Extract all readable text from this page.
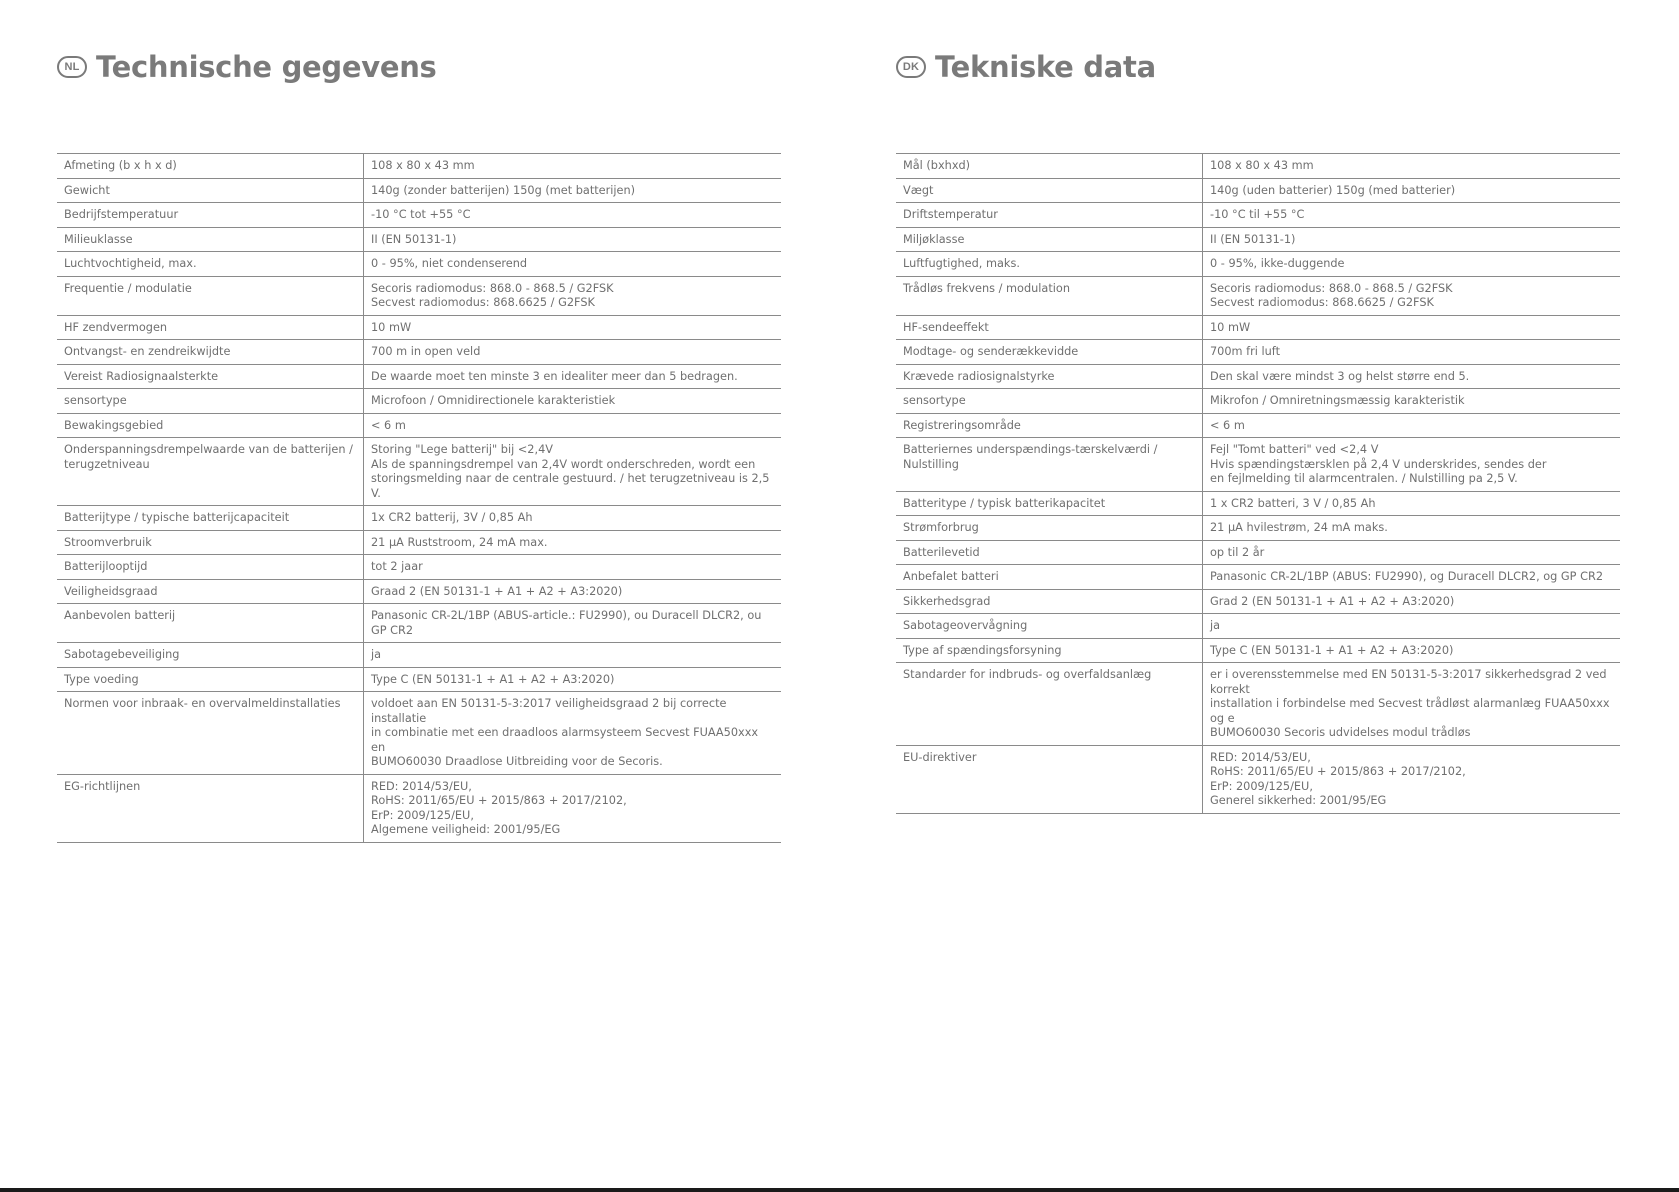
NL Technische gegevens
Afmeting (b x h x d)	108 x 80 x 43 mm
Gewicht	140g (zonder batterijen) 150g (met batterijen)
Bedrijfstemperatuur	-10 °C tot +55 °C
Milieuklasse	II (EN 50131-1)
Luchtvochtigheid, max.	0 - 95%, niet condenserend
Frequentie / modulatie	Secoris radiomodus: 868.0 - 868.5 / G2FSK
Secvest radiomodus: 868.6625 / G2FSK
HF zendvermogen	10 mW
Ontvangst- en zendreikwijdte	700 m in open veld
Vereist Radiosignaalsterkte	De waarde moet ten minste 3 en idealiter meer dan 5 bedragen.
sensortype	Microfoon / Omnidirectionele karakteristiek
Bewakingsgebied	< 6 m
Onderspanningsdrempelwaarde van de batterijen /
terugzetniveau	Storing "Lege batterij" bij <2,4V
Als de spanningsdrempel van 2,4V wordt onderschreden, wordt een
storingsmelding naar de centrale gestuurd. / het terugzetniveau is 2,5 V.
Batterijtype / typische batterijcapaciteit	1x CR2 batterij, 3V / 0,85 Ah
Stroomverbruik	21 µA Ruststroom, 24 mA max.
Batterijlooptijd	tot 2 jaar
Veiligheidsgraad	Graad 2 (EN 50131-1 + A1 + A2 + A3:2020)
Aanbevolen batterij	Panasonic CR-2L/1BP (ABUS-article.: FU2990), ou Duracell DLCR2, ou GP CR2
Sabotagebeveiliging	ja
Type voeding	Type C (EN 50131-1 + A1 + A2 + A3:2020)
Normen voor inbraak- en overvalmeldinstallaties	voldoet aan EN 50131-5-3:2017 veiligheidsgraad 2 bij correcte installatie
in combinatie met een draadloos alarmsysteem Secvest FUAA50xxx en
BUMO60030 Draadlose Uitbreiding voor de Secoris.
EG-richtlijnen	RED: 2014/53/EU,
RoHS: 2011/65/EU + 2015/863 + 2017/2102,
ErP: 2009/125/EU,
Algemene veiligheid: 2001/95/EG
DK Tekniske data
Mål (bxhxd)	108 x 80 x 43 mm
Vægt	140g (uden batterier) 150g (med batterier)
Driftstemperatur	-10 °C til +55 °C
Miljøklasse	II (EN 50131-1)
Luftfugtighed, maks.	0 - 95%, ikke-duggende
Trådløs frekvens / modulation	Secoris radiomodus: 868.0 - 868.5 / G2FSK
Secvest radiomodus: 868.6625 / G2FSK
HF-sendeeffekt	10 mW
Modtage- og senderækkevidde	700m fri luft
Krævede radiosignalstyrke	Den skal være mindst 3 og helst større end 5.
sensortype	Mikrofon / Omniretningsmæssig karakteristik
Registreringsområde	< 6 m
Batteriernes underspændings-tærskelværdi /
Nulstilling	Fejl "Tomt batteri" ved <2,4 V
Hvis spændingstærsklen på 2,4 V underskrides, sendes der
en fejlmelding til alarmcentralen. / Nulstilling pa 2,5 V.
Batteritype / typisk batterikapacitet	1 x CR2 batteri, 3 V / 0,85 Ah
Strømforbrug	21 µA hvilestrøm, 24 mA maks.
Batterilevetid	op til 2 år
Anbefalet batteri	Panasonic CR-2L/1BP (ABUS: FU2990), og Duracell DLCR2, og GP CR2
Sikkerhedsgrad	Grad 2 (EN 50131-1 + A1 + A2 + A3:2020)
Sabotageovervågning	ja
Type af spændingsforsyning	Type C (EN 50131-1 + A1 + A2 + A3:2020)
Standarder for indbruds- og overfaldsanlæg	er i overensstemmelse med EN 50131-5-3:2017 sikkerhedsgrad 2 ved korrekt
installation i forbindelse med Secvest trådløst alarmanlæg FUAA50xxx og e
BUMO60030 Secoris udvidelses modul trådløs
EU-direktiver	RED: 2014/53/EU,
RoHS: 2011/65/EU + 2015/863 + 2017/2102,
ErP: 2009/125/EU,
Generel sikkerhed: 2001/95/EG
